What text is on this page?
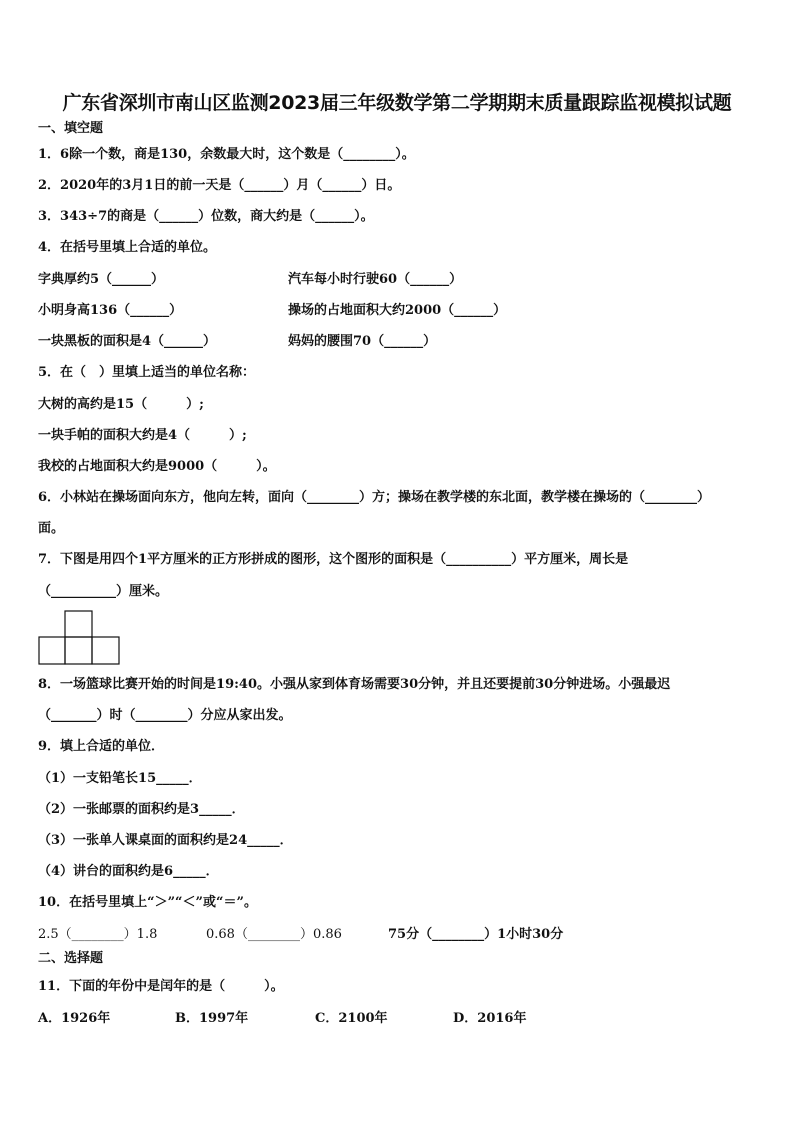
广东省深圳市南山区监测2023届三年级数学第二学期期末质量跟踪监视模拟试题
一、填空题
1．6除一个数，商是130，余数最大时，这个数是（________）。
2．2020年的3月1日的前一天是（______）月（______）日。
3．343÷7的商是（______）位数，商大约是（______）。
4．在括号里填上合适的单位。
字典厚约5（______）	汽车每小时行驶60（______）
小明身高136（______）	操场的占地面积大约2000（______）
一块黑板的面积是4（______）	妈妈的腰围70（______）
5．在（　）里填上适当的单位名称：
大树的高约是15（　　　）;
一块手帕的面积大约是4（　　　）;
我校的占地面积大约是9000（　　　）。
6．小林站在操场面向东方，他向左转，面向（________）方；操场在教学楼的东北面，教学楼在操场的（________）
面。
7．下图是用四个1平方厘米的正方形拼成的图形，这个图形的面积是（__________）平方厘米，周长是
（__________）厘米。
8．一场篮球比赛开始的时间是19:40。小强从家到体育场需要30分钟，并且还要提前30分钟进场。小强最迟
（_______）时（________）分应从家出发。
9．填上合适的单位．
（1）一支铅笔长15_____．
（2）一张邮票的面积约是3_____．
（3）一张单人课桌面的面积约是24_____．
（4）讲台的面积约是6_____．
10．在括号里填上“＞”“＜”或“＝”。
2.5（________）1.8	0.68（________）0.86	75分（________）1小时30分
二、选择题
11．下面的年份中是闰年的是（　　　）。
A．1926年	B．1997年	C．2100年	D．2016年
